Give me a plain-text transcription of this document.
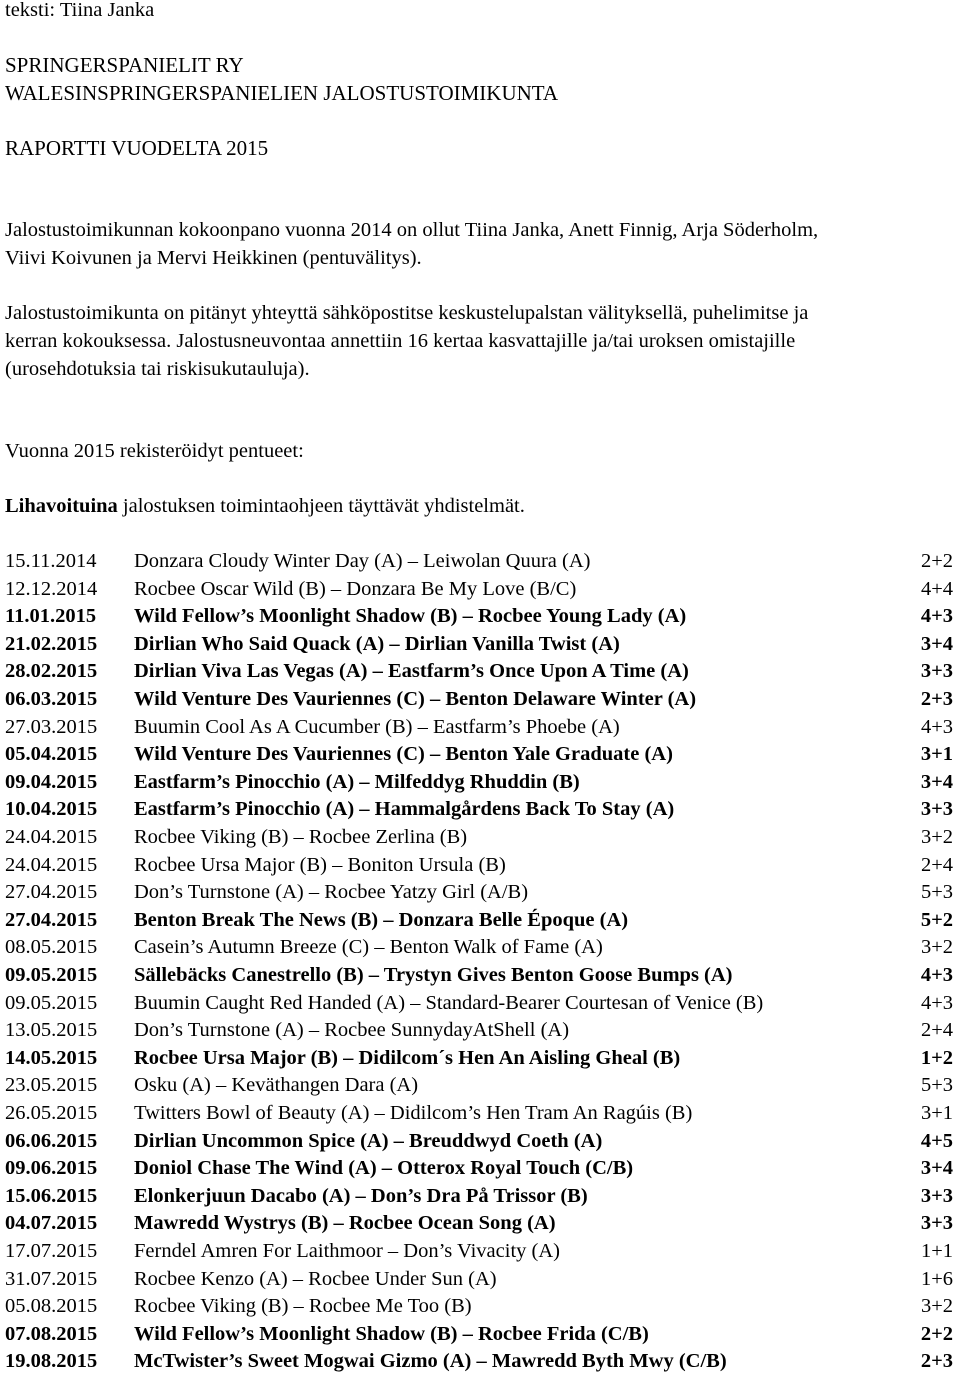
teksti: Tiina Janka
SPRINGERSPANIELIT RY
WALESINSPRINGERSPANIELIEN JALOSTUSTOIMIKUNTA
RAPORTTI VUODELTA 2015
Jalostustoimikunnan kokoonpano vuonna 2014 on ollut Tiina Janka, Anett Finnig, Arja Söderholm,
Viivi Koivunen ja Mervi Heikkinen (pentuvälitys).
Jalostustoimikunta on pitänyt yhteyttä sähköpostitse keskustelupalstan välityksellä, puhelimitse ja
kerran kokouksessa. Jalostusneuvontaa annettiin 16 kertaa kasvattajille ja/tai uroksen omistajille
(urosehdotuksia tai riskisukutauluja).
Vuonna 2015 rekisteröidyt pentueet:
Lihavoituina jalostuksen toimintaohjeen täyttävät yhdistelmät.
15.11.2014 Donzara Cloudy Winter Day (A) – Leiwolan Quura (A)	2+2
12.12.2014 Rocbee Oscar Wild (B) – Donzara Be My Love (B/C)	4+4
11.01.2015 Wild Fellow’s Moonlight Shadow (B) – Rocbee Young Lady (A)	4+3
21.02.2015 Dirlian Who Said Quack (A) – Dirlian Vanilla Twist (A)	3+4
28.02.2015 Dirlian Viva Las Vegas (A) – Eastfarm’s Once Upon A Time (A)	3+3
06.03.2015 Wild Venture Des Vauriennes (C) – Benton Delaware Winter (A)	2+3
27.03.2015 Buumin Cool As A Cucumber (B) – Eastfarm’s Phoebe (A)	4+3
05.04.2015 Wild Venture Des Vauriennes (C) – Benton Yale Graduate (A)	3+1
09.04.2015 Eastfarm’s Pinocchio (A) – Milfeddyg Rhuddin (B)	3+4
10.04.2015 Eastfarm’s Pinocchio (A) – Hammalgårdens Back To Stay (A)	3+3
24.04.2015 Rocbee Viking (B) – Rocbee Zerlina (B)	3+2
24.04.2015 Rocbee Ursa Major (B) – Boniton Ursula (B)	2+4
27.04.2015 Don’s Turnstone (A) – Rocbee Yatzy Girl (A/B)	5+3
27.04.2015 Benton Break The News (B) – Donzara Belle Époque (A)	5+2
08.05.2015 Casein’s Autumn Breeze (C) – Benton Walk of Fame (A)	3+2
09.05.2015 Sällebäcks Canestrello (B) – Trystyn Gives Benton Goose Bumps (A)	4+3
09.05.2015 Buumin Caught Red Handed (A) – Standard-Bearer Courtesan of Venice (B)	4+3
13.05.2015 Don’s Turnstone (A) – Rocbee SunnydayAtShell (A)	2+4
14.05.2015 Rocbee Ursa Major (B) – Didilcom´s Hen An Aisling Gheal (B)	1+2
23.05.2015 Osku (A) – Keväthangen Dara (A)	5+3
26.05.2015 Twitters Bowl of Beauty (A) – Didilcom’s Hen Tram An Ragúis (B)	3+1
06.06.2015 Dirlian Uncommon Spice (A) – Breuddwyd Coeth (A)	4+5
09.06.2015 Doniol Chase The Wind (A) – Otterox Royal Touch (C/B)	3+4
15.06.2015 Elonkerjuun Dacabo (A) – Don’s Dra På Trissor (B)	3+3
04.07.2015 Mawredd Wystrys (B) – Rocbee Ocean Song (A)	3+3
17.07.2015 Ferndel Amren For Laithmoor – Don’s Vivacity (A)	1+1
31.07.2015 Rocbee Kenzo (A) – Rocbee Under Sun (A)	1+6
05.08.2015 Rocbee Viking (B) – Rocbee Me Too (B)	3+2
07.08.2015 Wild Fellow’s Moonlight Shadow (B) – Rocbee Frida (C/B)	2+2
19.08.2015 McTwister’s Sweet Mogwai Gizmo (A) – Mawredd Byth Mwy (C/B)	2+3
